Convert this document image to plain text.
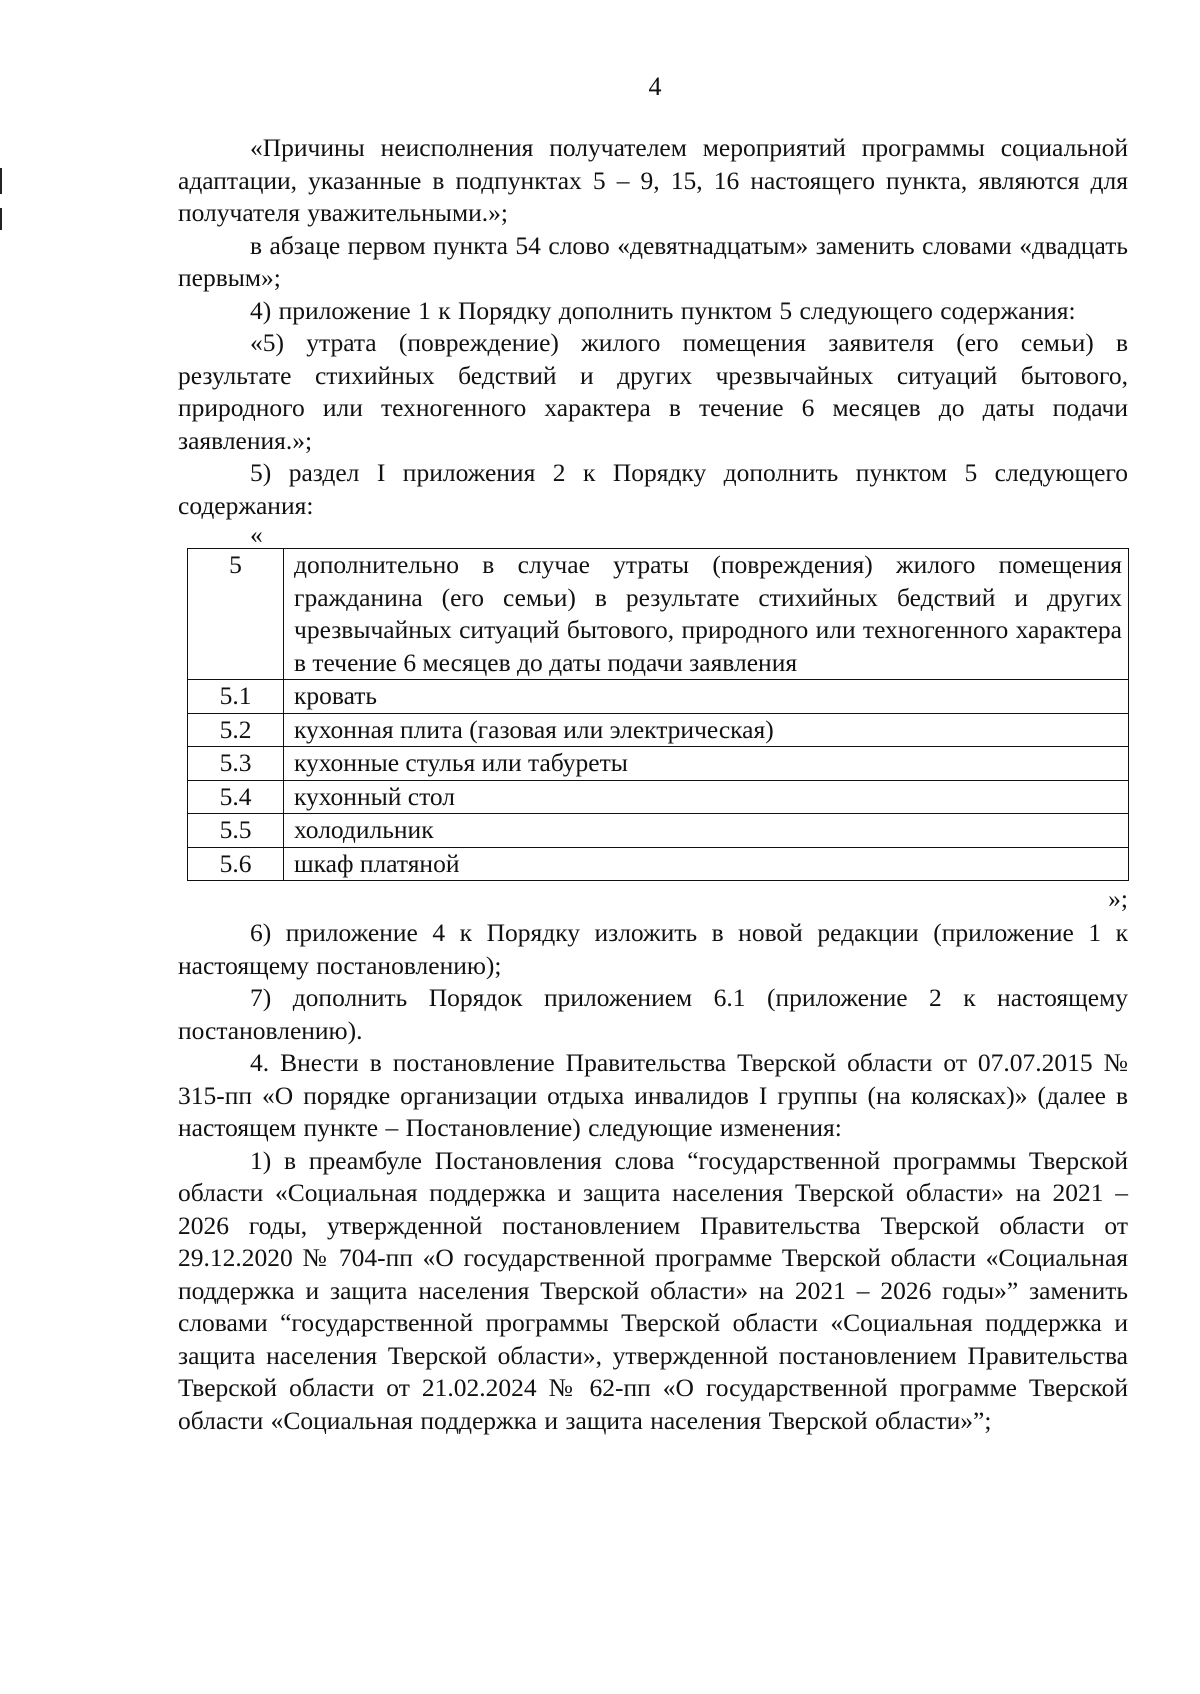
4

«Причины неисполнения получателем мероприятий программы социальной адаптации, указанные в подпунктах 5 – 9, 15, 16 настоящего пункта, являются для получателя уважительными.»;

в абзаце первом пункта 54 слово «девятнадцатым» заменить словами «двадцать первым»;

4) приложение 1 к Порядку дополнить пунктом 5 следующего содержания:

«5) утрата (повреждение) жилого помещения заявителя (его семьи) в результате стихийных бедствий и других чрезвычайных ситуаций бытового, природного или техногенного характера в течение 6 месяцев до даты подачи заявления.»;

5) раздел I приложения 2 к Порядку дополнить пунктом 5 следующего содержания:

«

5	дополнительно в случае утраты (повреждения) жилого помещения гражданина (его семьи) в результате стихийных бедствий и других чрезвычайных ситуаций бытового, природного или техногенного характера в течение 6 месяцев до даты подачи заявления
5.1	кровать
5.2	кухонная плита (газовая или электрическая)
5.3	кухонные стулья или табуреты
5.4	кухонный стол
5.5	холодильник
5.6	шкаф платяной

»;

6) приложение 4 к Порядку изложить в новой редакции (приложение 1 к настоящему постановлению);

7) дополнить Порядок приложением 6.1 (приложение 2 к настоящему постановлению).

4. Внести в постановление Правительства Тверской области от 07.07.2015 № 315-пп «О порядке организации отдыха инвалидов I группы (на колясках)» (далее в настоящем пункте – Постановление) следующие изменения:

1) в преамбуле Постановления слова “государственной программы Тверской области «Социальная поддержка и защита населения Тверской области» на 2021 – 2026 годы, утвержденной постановлением Правительства Тверской области от 29.12.2020 № 704-пп «О государственной программе Тверской области «Социальная поддержка и защита населения Тверской области» на 2021 – 2026 годы»” заменить словами “государственной программы Тверской области «Социальная поддержка и защита населения Тверской области», утвержденной постановлением Правительства Тверской области от 21.02.2024 № 62-пп «О государственной программе Тверской области «Социальная поддержка и защита населения Тверской области»”;
